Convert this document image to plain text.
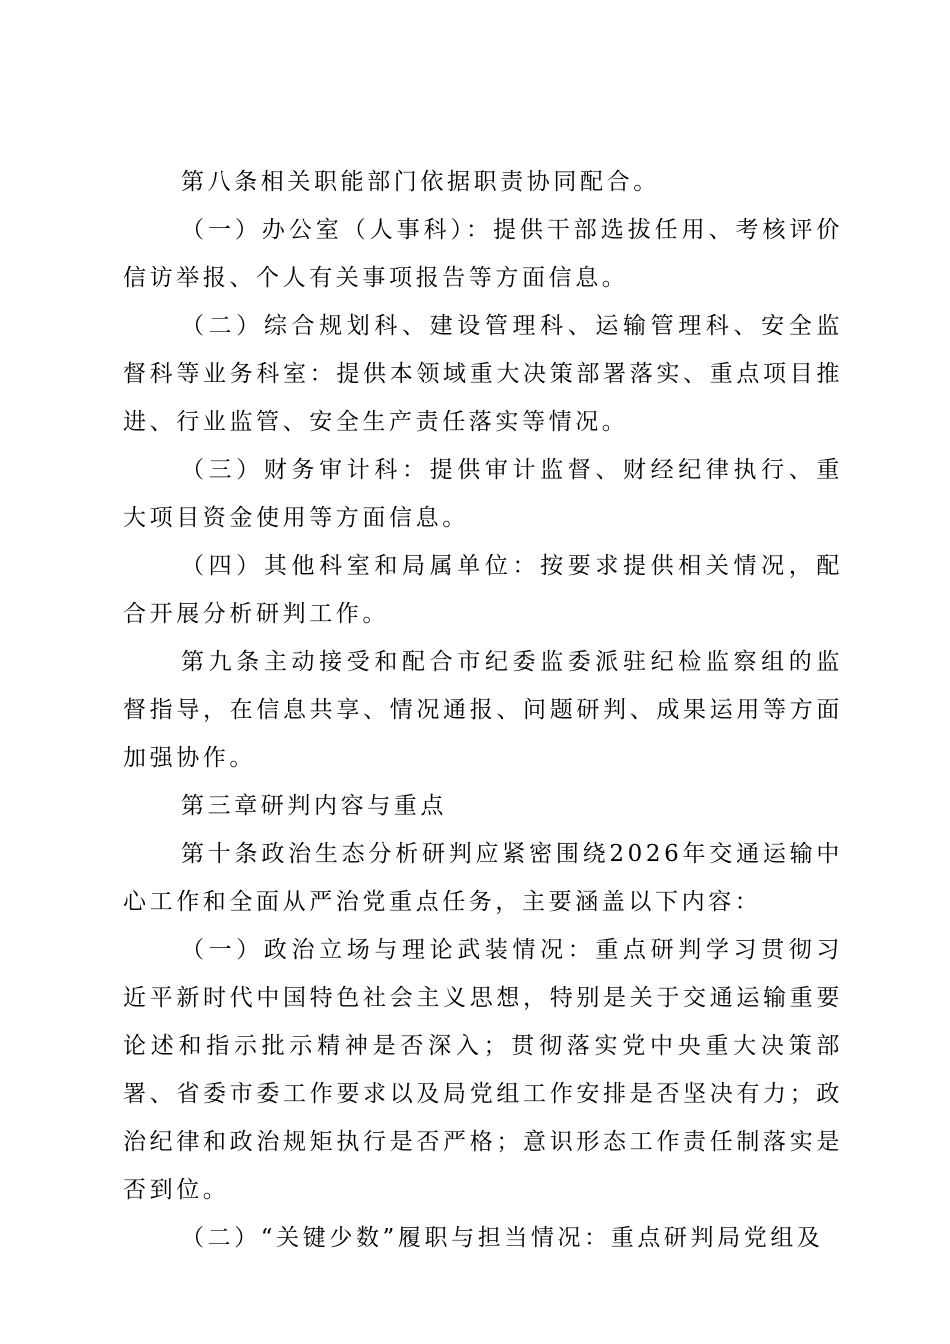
第八条相关职能部门依据职责协同配合。

（一）办公室（人事科）：提供干部选拔任用、考核评价信访举报、个人有关事项报告等方面信息。

（二）综合规划科、建设管理科、运输管理科、安全监督科等业务科室：提供本领域重大决策部署落实、重点项目推进、行业监管、安全生产责任落实等情况。

（三）财务审计科：提供审计监督、财经纪律执行、重大项目资金使用等方面信息。

（四）其他科室和局属单位：按要求提供相关情况，配合开展分析研判工作。

第九条主动接受和配合市纪委监委派驻纪检监察组的监督指导，在信息共享、情况通报、问题研判、成果运用等方面加强协作。

第三章研判内容与重点

第十条政治生态分析研判应紧密围绕2026年交通运输中心工作和全面从严治党重点任务，主要涵盖以下内容：

（一）政治立场与理论武装情况：重点研判学习贯彻习近平新时代中国特色社会主义思想，特别是关于交通运输重要论述和指示批示精神是否深入；贯彻落实党中央重大决策部署、省委市委工作要求以及局党组工作安排是否坚决有力；政治纪律和政治规矩执行是否严格；意识形态工作责任制落实是否到位。

（二）“关键少数”履职与担当情况：重点研判局党组及
